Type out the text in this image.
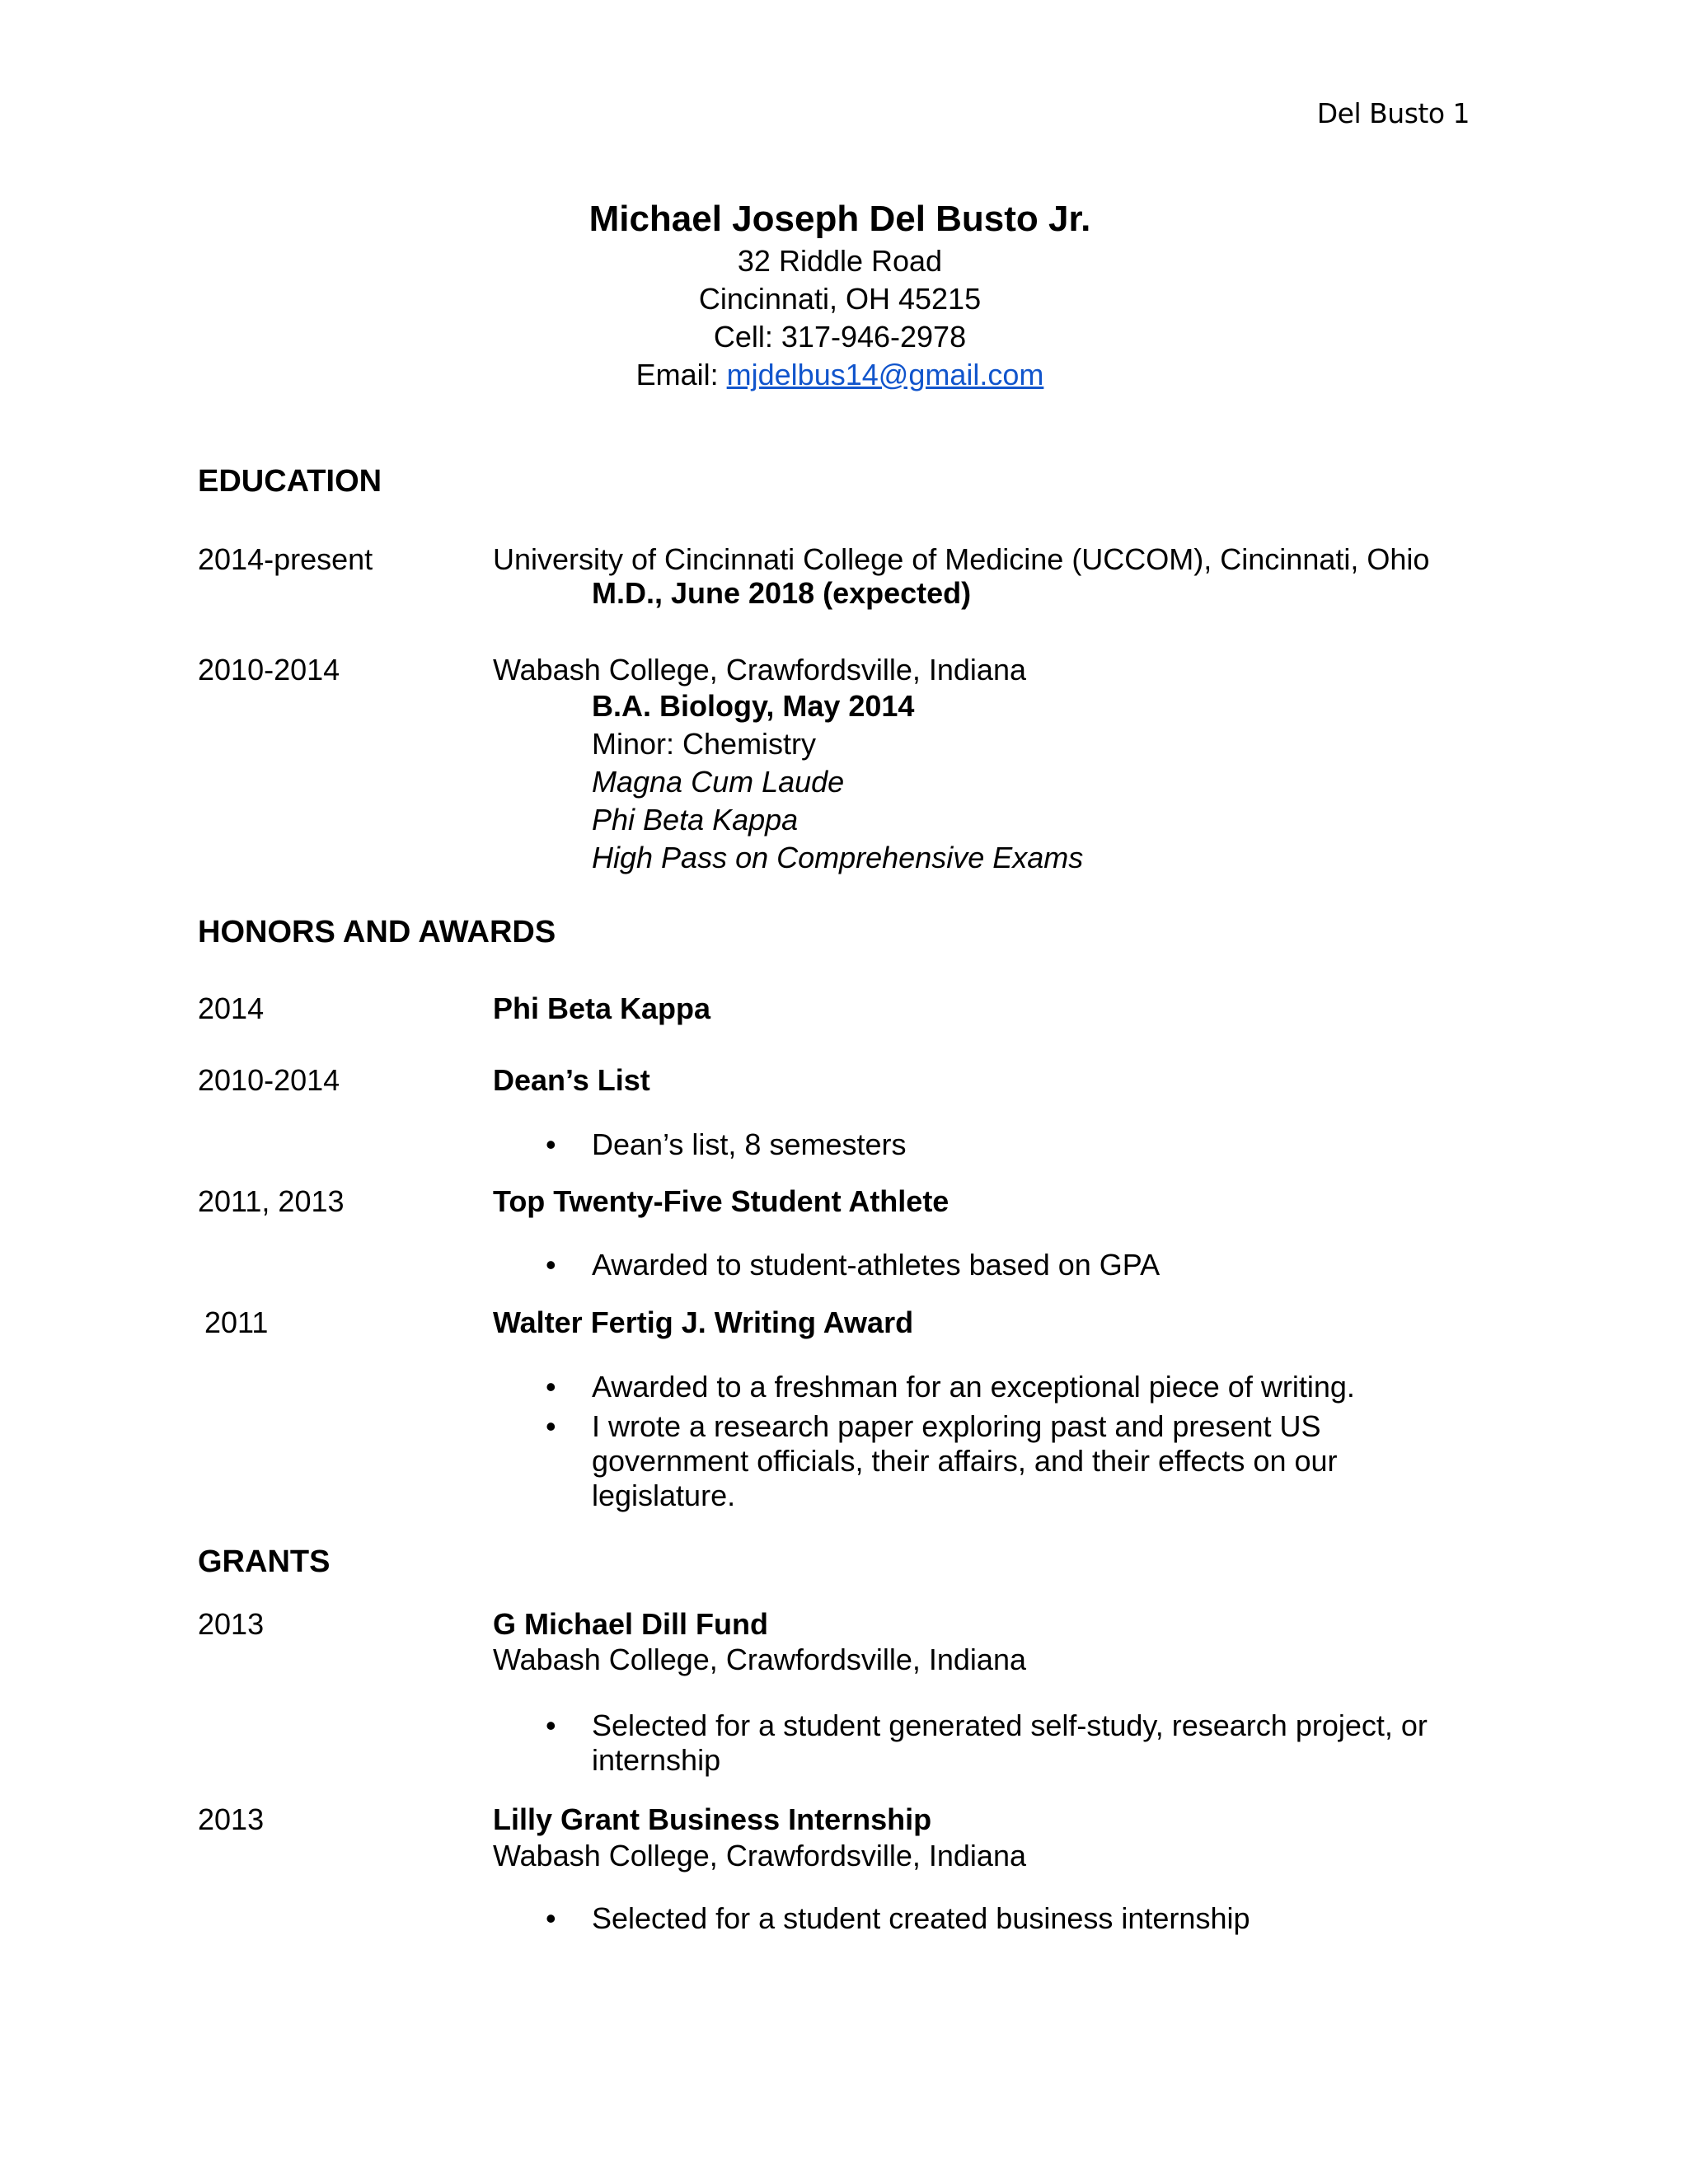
Del Busto 1
Michael Joseph Del Busto Jr.
32 Riddle Road
Cincinnati, OH 45215
Cell: 317-946-2978
Email: mjdelbus14@gmail.com
EDUCATION
2014-present	University of Cincinnati College of Medicine (UCCOM), Cincinnati, Ohio
M.D., June 2018 (expected)
2010-2014	Wabash College, Crawfordsville, Indiana
B.A. Biology, May 2014
Minor: Chemistry
Magna Cum Laude
Phi Beta Kappa
High Pass on Comprehensive Exams
HONORS AND AWARDS
2014	Phi Beta Kappa
2010-2014	Dean’s List
• Dean’s list, 8 semesters
2011, 2013	Top Twenty-Five Student Athlete
• Awarded to student-athletes based on GPA
2011	Walter Fertig J. Writing Award
• Awarded to a freshman for an exceptional piece of writing.
• I wrote a research paper exploring past and present US government officials, their affairs, and their effects on our legislature.
GRANTS
2013	G Michael Dill Fund
Wabash College, Crawfordsville, Indiana
• Selected for a student generated self-study, research project, or internship
2013	Lilly Grant Business Internship
Wabash College, Crawfordsville, Indiana
• Selected for a student created business internship
